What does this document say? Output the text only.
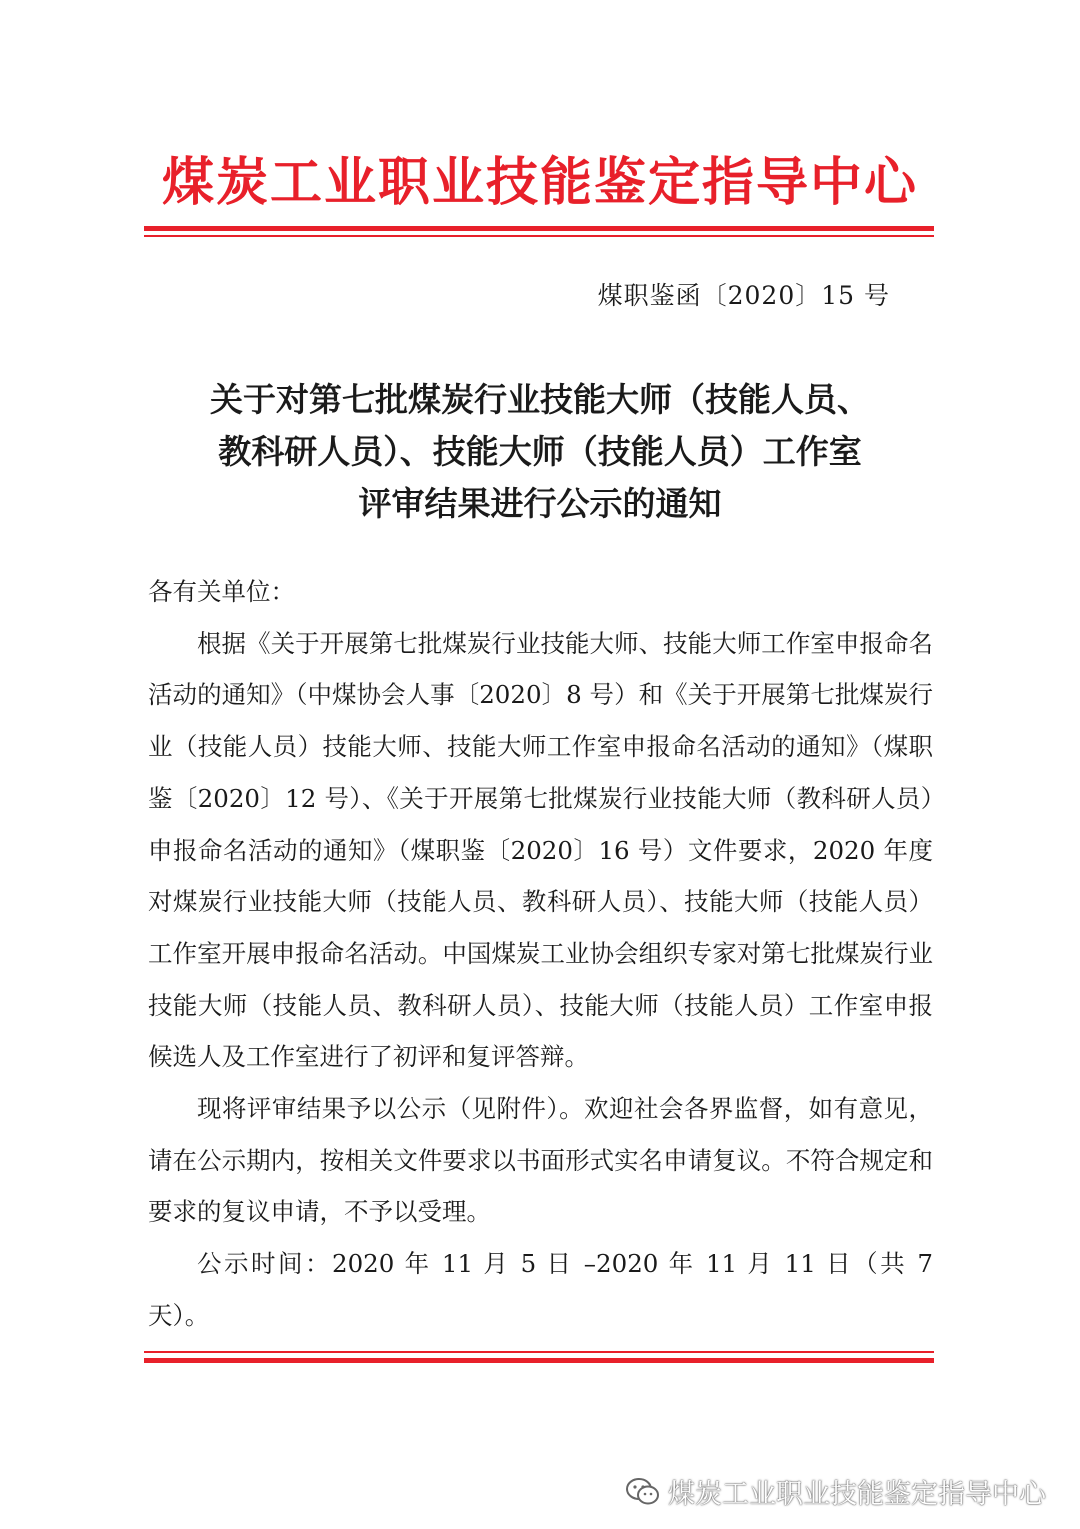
煤炭工业职业技能鉴定指导中心
煤职鉴函〔2020〕15 号
关于对第七批煤炭行业技能大师（技能人员、
教科研人员）、技能大师（技能人员）工作室
评审结果进行公示的通知

各有关单位：

根据《关于开展第七批煤炭行业技能大师、技能大师工作室申报命名活动的通知》（中煤协会人事〔2020〕8 号）和《关于开展第七批煤炭行业（技能人员）技能大师、技能大师工作室申报命名活动的通知》（煤职鉴〔2020〕12 号）、《关于开展第七批煤炭行业技能大师（教科研人员）申报命名活动的通知》（煤职鉴〔2020〕16 号）文件要求，2020 年度对煤炭行业技能大师（技能人员、教科研人员）、技能大师（技能人员）工作室开展申报命名活动。中国煤炭工业协会组织专家对第七批煤炭行业技能大师（技能人员、教科研人员）、技能大师（技能人员）工作室申报候选人及工作室进行了初评和复评答辩。

现将评审结果予以公示（见附件）。欢迎社会各界监督，如有意见，请在公示期内，按相关文件要求以书面形式实名申请复议。不符合规定和要求的复议申请，不予以受理。

公示时间：2020 年 11 月 5 日 –2020 年 11 月 11 日（共 7 天）。

煤炭工业职业技能鉴定指导中心
